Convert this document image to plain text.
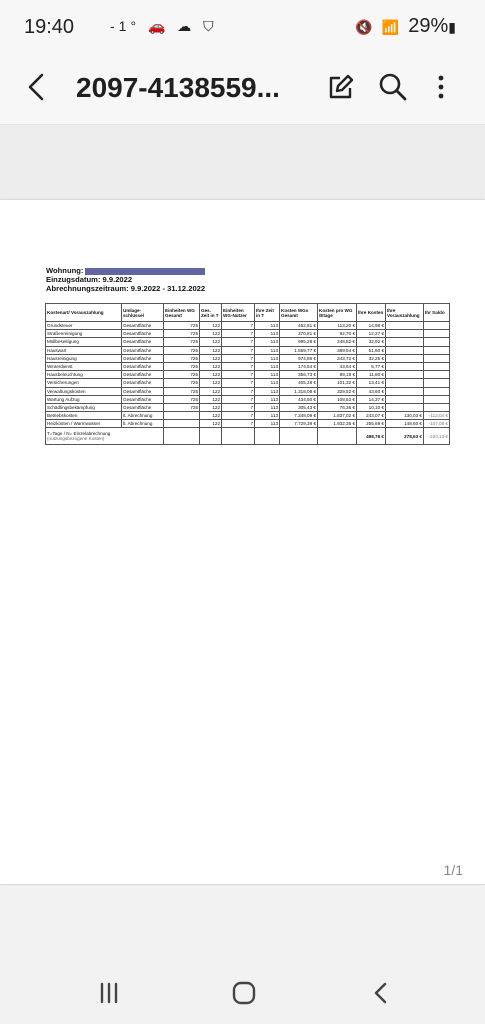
19:40	-1° 🚗 ☁ ⛉	🔇 📶 29%▮
2097-4138559...
Wohnung:
Einzugsdatum: 9.9.2022
Abrechnungszeitraum: 9.9.2022 - 31.12.2022
Kostenart/ Vorauszahlung	Umlage-schlüssel	Einheiten WG Gesamt	Ges. Zeit in T	Einheiten WG-Nutzer	Ihre Zeit in T	Kosten WGs Gesamt	Kosten pro WG /Etage	Ihre Kosten	Ihre Vorauszahlung	Ihr Saldo
Grundsteuer	Gesamtfläche	725	122	7	113	452,81 €	113,20 €	14,98 €		
Straßenreinigung	Gesamtfläche	725	122	7	113	370,81 €	92,70 €	12,27 €		
Müllbeseitigung	Gesamtfläche	725	122	7	113	995,28 €	248,82 €	32,92 €		
Hauswart	Gesamtfläche	725	122	7	113	1.559,77 €	389,94 €	51,60 €		
Hausreinigung	Gesamtfläche	725	122	7	113	974,86 €	243,72 €	32,25 €		
Winterdienst	Gesamtfläche	725	122	7	113	174,54 €	43,64 €	5,77 €		
Hausbeleuchtung	Gesamtfläche	725	122	7	113	356,73 €	89,18 €	11,80 €		
Versicherungen	Gesamtfläche	725	122	7	113	405,28 €	101,32 €	13,41 €		
Verwaltungskosten	Gesamtfläche	725	122	7	113	1.318,08 €	329,52 €	43,60 €		
Wartung Aufzug	Gesamtfläche	725	122	7	113	434,50 €	108,63 €	14,37 €		
Schädlingsbekämpfung	Gesamtfläche	725	122	7	113	305,43 €	76,36 €	10,10 €		
Betriebskosten	lt. Abrechnung		122	7	113	7.348,09 €	1.837,02 €	243,07 €	130,03 €	-113,04 €
Heizkosten / Warmwasser	lt. Abrechnung		122	7	113	7.729,39 €	1.932,35 €	255,69 €	148,60 €	-107,08 €

T=Tage / N= Einzelabrechnung
(nutzungsbezogene Kosten)								498,76 €	278,63 €	-220,13 €
1/1
